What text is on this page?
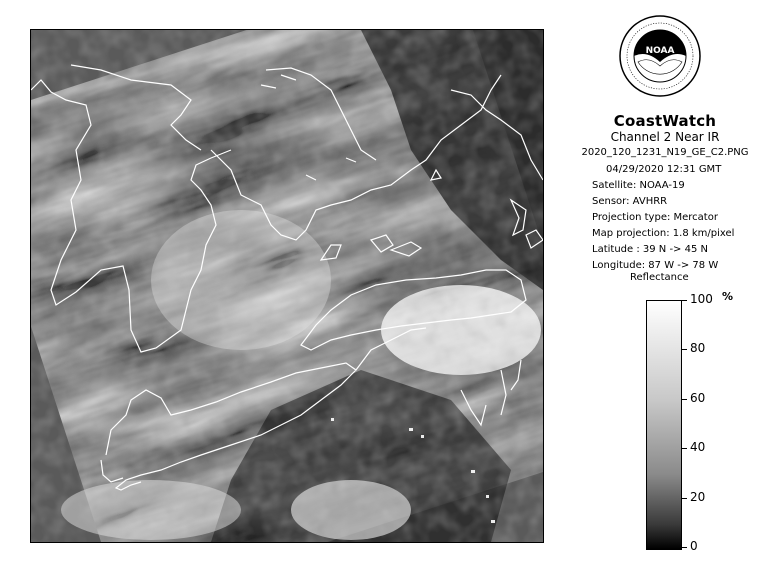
NOAA
CoastWatch
Channel 2 Near IR
2020_120_1231_N19_GE_C2.PNG
04/29/2020 12:31 GMT
Satellite: NOAA-19
Sensor: AVHRR
Projection type: Mercator
Map projection: 1.8 km/pixel
Latitude : 39 N -> 45 N
Longitude: 87 W -> 78 W
Reflectance
%
100
80
60
40
20
0
